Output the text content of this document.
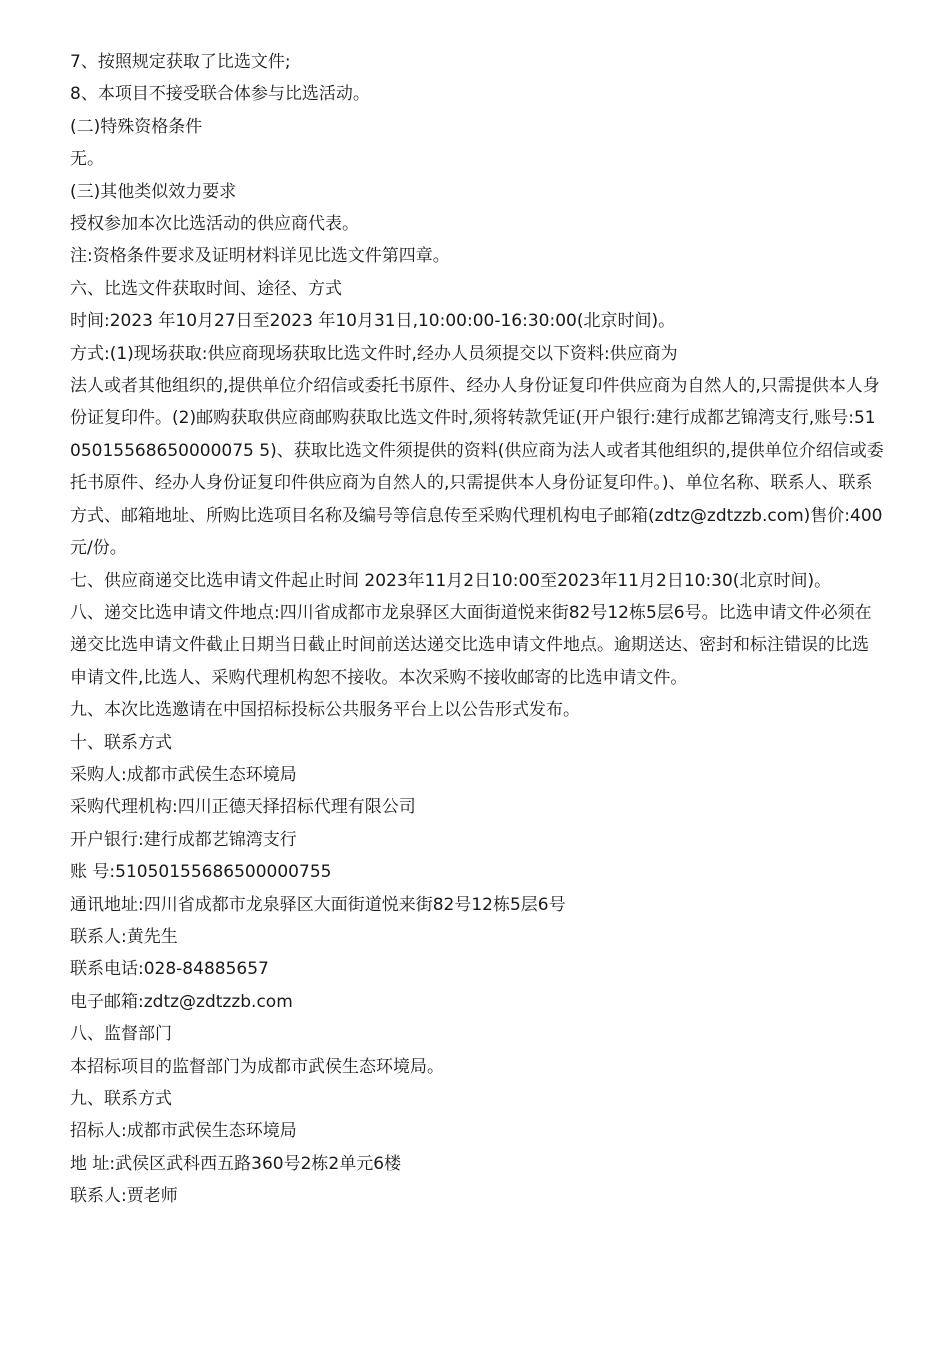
7、按照规定获取了比选文件;

8、本项目不接受联合体参与比选活动。

(二)特殊资格条件

无。

(三)其他类似效力要求

授权参加本次比选活动的供应商代表。

注:资格条件要求及证明材料详见比选文件第四章。

六、比选文件获取时间、途径、方式

时间:2023 年10月27日至2023 年10月31日,10:00:00-16:30:00(北京时间)。

方式:(1)现场获取:供应商现场获取比选文件时,经办人员须提交以下资料:供应商为

法人或者其他组织的,提供单位介绍信或委托书原件、经办人身份证复印件供应商为自然人的,只需提供本人身份证复印件。(2)邮购获取供应商邮购获取比选文件时,须将转款凭证(开户银行:建行成都艺锦湾支行,账号:5105015568650000075 5)、获取比选文件须提供的资料(供应商为法人或者其他组织的,提供单位介绍信或委托书原件、经办人身份证复印件供应商为自然人的,只需提供本人身份证复印件。)、单位名称、联系人、联系方式、邮箱地址、所购比选项目名称及编号等信息传至采购代理机构电子邮箱(zdtz@zdtzzb.com)售价:400 元/份。

七、供应商递交比选申请文件起止时间 2023年11月2日10:00至2023年11月2日10:30(北京时间)。

八、递交比选申请文件地点:四川省成都市龙泉驿区大面街道悦来街82号12栋5层6号。比选申请文件必须在递交比选申请文件截止日期当日截止时间前送达递交比选申请文件地点。逾期送达、密封和标注错误的比选申请文件,比选人、采购代理机构恕不接收。本次采购不接收邮寄的比选申请文件。

九、本次比选邀请在中国招标投标公共服务平台上以公告形式发布。

十、联系方式

采购人:成都市武侯生态环境局

采购代理机构:四川正德天择招标代理有限公司

开户银行:建行成都艺锦湾支行

账 号:51050155686500000755

通讯地址:四川省成都市龙泉驿区大面街道悦来街82号12栋5层6号

联系人:黄先生

联系电话:028-84885657

电子邮箱:zdtz@zdtzzb.com

八、监督部门

本招标项目的监督部门为成都市武侯生态环境局。

九、联系方式

招标人:成都市武侯生态环境局

地 址:武侯区武科西五路360号2栋2单元6楼

联系人:贾老师
